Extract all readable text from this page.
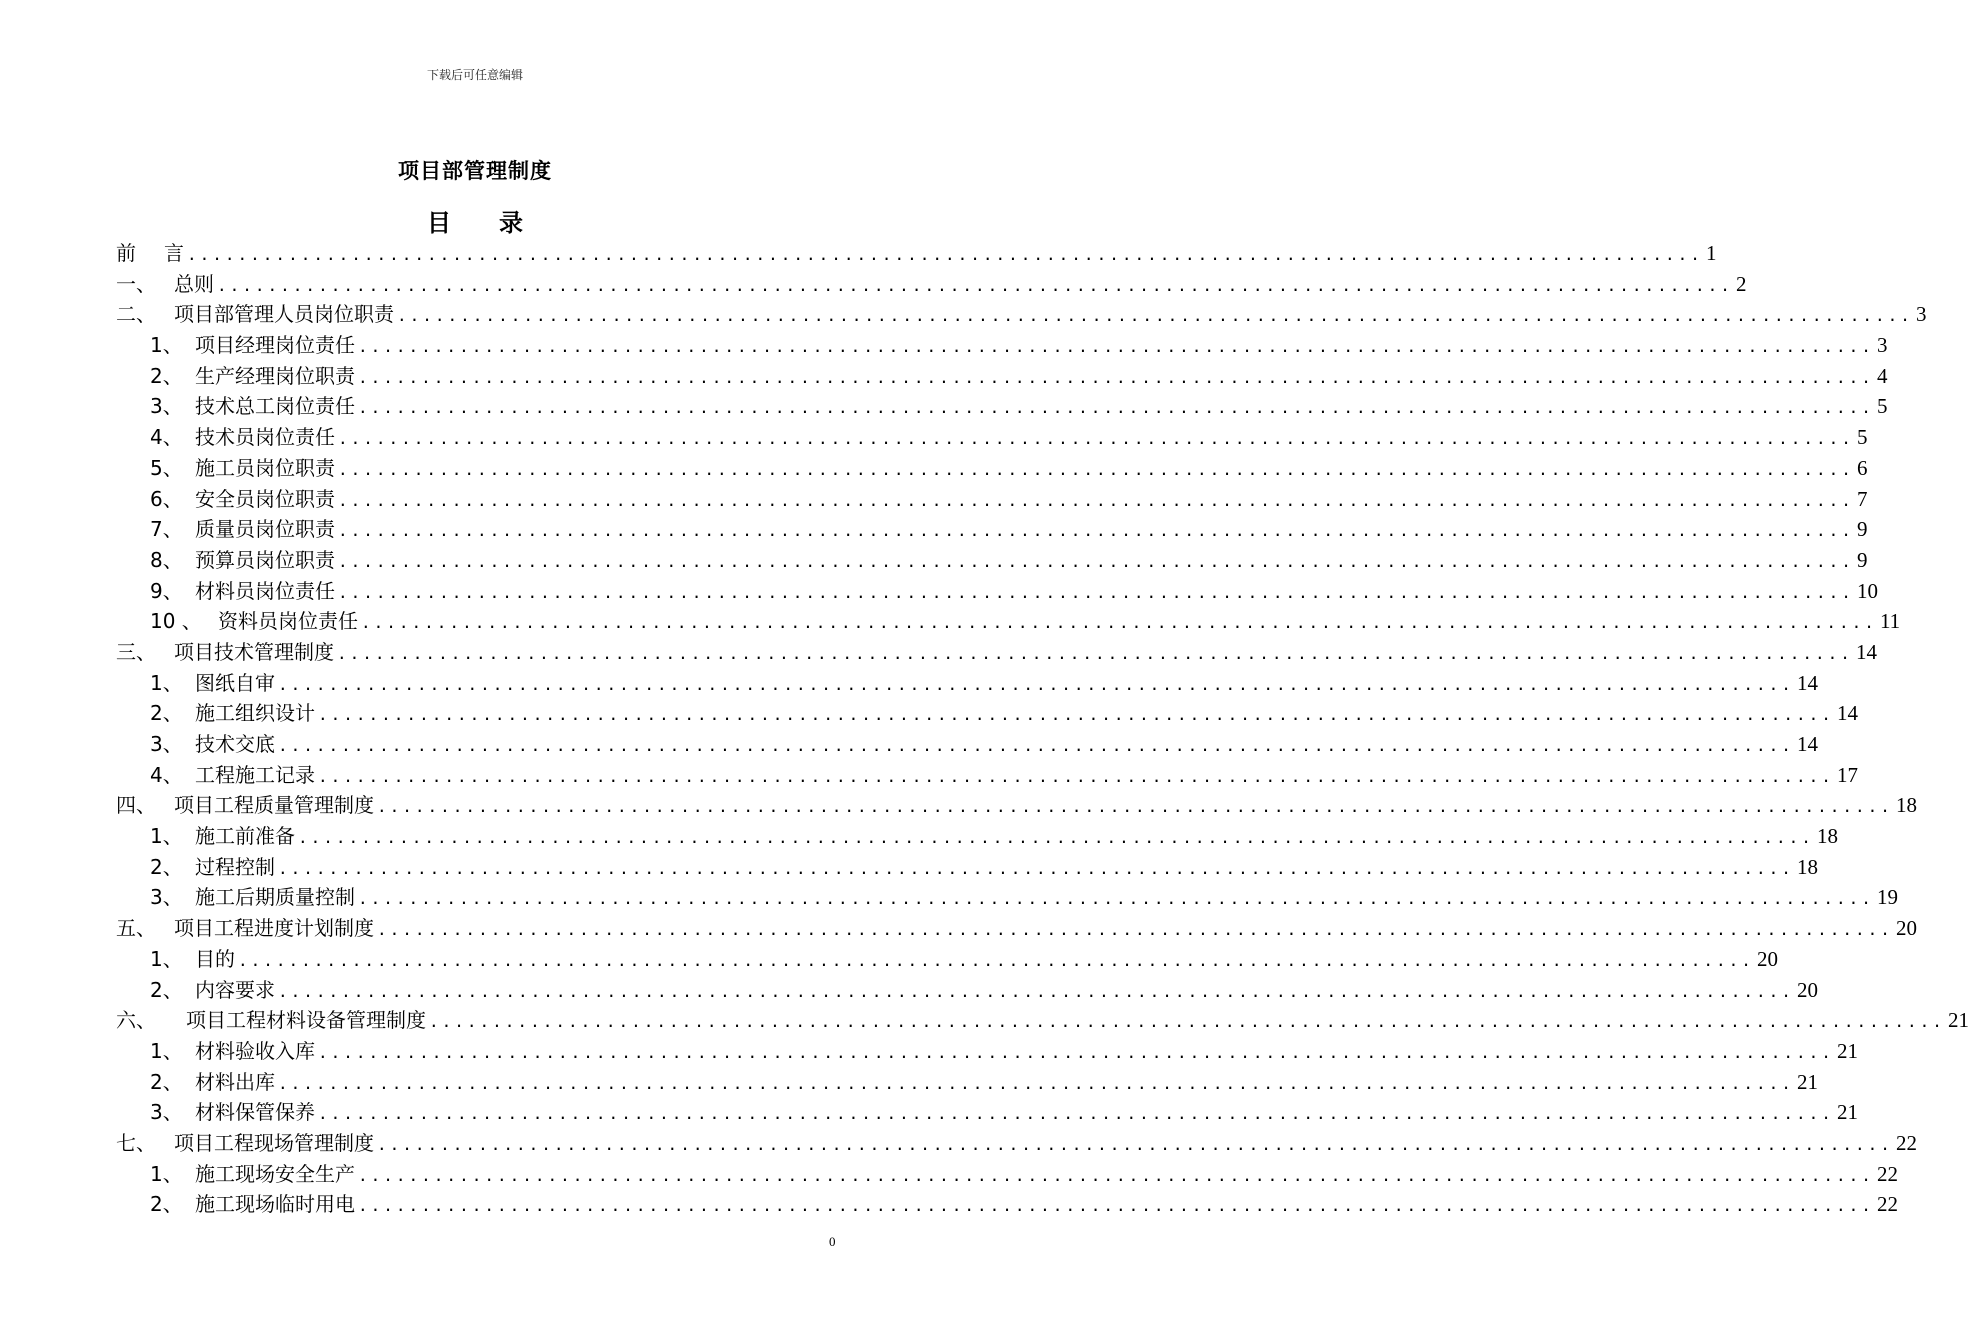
下载后可任意编辑
项目部管理制度
目 录
前	言 ........................................................................................................................ 1
一、 总则 ........................................................................................................................ 2
二、 项目部管理人员岗位职责 ........................................................................................................................ 3
1、 项目经理岗位责任 ........................................................................................................................ 3
2、 生产经理岗位职责 ........................................................................................................................ 4
3、 技术总工岗位责任 ........................................................................................................................ 5
4、 技术员岗位责任 ........................................................................................................................ 5
5、 施工员岗位职责 ........................................................................................................................ 6
6、 安全员岗位职责 ........................................................................................................................ 7
7、 质量员岗位职责 ........................................................................................................................ 9
8、 预算员岗位职责 ........................................................................................................................ 9
9、 材料员岗位责任 ........................................................................................................................ 10
10 、 资料员岗位责任 ........................................................................................................................ 11
三、 项目技术管理制度 ........................................................................................................................ 14
1、 图纸自审 ........................................................................................................................ 14
2、 施工组织设计 ........................................................................................................................ 14
3、 技术交底 ........................................................................................................................ 14
4、 工程施工记录 ........................................................................................................................ 17
四、 项目工程质量管理制度 ........................................................................................................................ 18
1、 施工前准备 ........................................................................................................................ 18
2、 过程控制 ........................................................................................................................ 18
3、 施工后期质量控制 ........................................................................................................................ 19
五、 项目工程进度计划制度 ........................................................................................................................ 20
1、 目的 ........................................................................................................................ 20
2、 内容要求 ........................................................................................................................ 20
六、	项目工程材料设备管理制度 ........................................................................................................................ 21
1、 材料验收入库 ........................................................................................................................ 21
2、 材料出库 ........................................................................................................................ 21
3、 材料保管保养 ........................................................................................................................ 21
七、 项目工程现场管理制度 ........................................................................................................................ 22
1、 施工现场安全生产 ........................................................................................................................ 22
2、 施工现场临时用电 ........................................................................................................................ 22
0
